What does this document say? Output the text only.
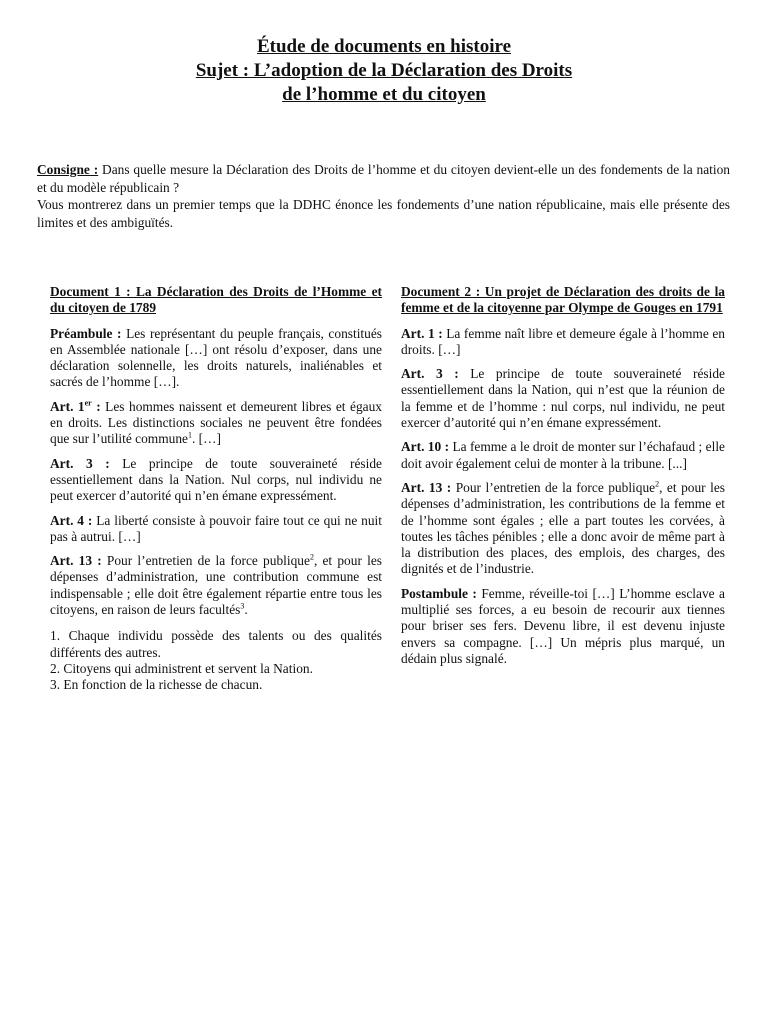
Étude de documents en histoire
Sujet : L’adoption de la Déclaration des Droits
de l’homme et du citoyen

Consigne : Dans quelle mesure la Déclaration des Droits de l’homme et du citoyen devient-elle un des fondements de la nation et du modèle républicain ?

Vous montrerez dans un premier temps que la DDHC énonce les fondements d’une nation républicaine, mais elle présente des limites et des ambiguïtés.

Document 1 : La Déclaration des Droits de l’Homme et du citoyen de 1789

Préambule : Les représentant du peuple français, constitués en Assemblée nationale […] ont résolu d’exposer, dans une déclaration solennelle, les droits naturels, inaliénables et sacrés de l’homme […].

Art. 1er : Les hommes naissent et demeurent libres et égaux en droits. Les distinctions sociales ne peuvent être fondées que sur l’utilité commune$^1$. […]

Art. 3 : Le principe de toute souveraineté réside essentiellement dans la Nation. Nul corps, nul individu ne peut exercer d’autorité qui n’en émane expressément.

Art. 4 : La liberté consiste à pouvoir faire tout ce qui ne nuit pas à autrui. […]

Art. 13 : Pour l’entretien de la force publique$^2$, et pour les dépenses d’administration, une contribution commune est indispensable ; elle doit être également répartie entre tous les citoyens, en raison de leurs facultés$^3$.

1. Chaque individu possède des talents ou des qualités différents des autres.
2. Citoyens qui administrent et servent la Nation.
3. En fonction de la richesse de chacun.

Document 2 : Un projet de Déclaration des droits de la femme et de la citoyenne par Olympe de Gouges en 1791

Art. 1 : La femme naît libre et demeure égale à l’homme en droits. […]

Art. 3 : Le principe de toute souveraineté réside essentiellement dans la Nation, qui n’est que la réunion de la femme et de l’homme : nul corps, nul individu, ne peut exercer d’autorité qui n’en émane expressément.

Art. 10 : La femme a le droit de monter sur l’échafaud ; elle doit avoir également celui de monter à la tribune. [...]

Art. 13 : Pour l’entretien de la force publique$^2$, et pour les dépenses d’administration, les contributions de la femme et de l’homme sont égales ; elle a part toutes les corvées, à toutes les tâches pénibles ; elle a donc avoir de même part à la distribution des places, des emplois, des charges, des dignités et de l’industrie.

Postambule : Femme, réveille-toi […] L’homme esclave a multiplié ses forces, a eu besoin de recourir aux tiennes pour briser ses fers. Devenu libre, il est devenu injuste envers sa compagne. […] Un mépris plus marqué, un dédain plus signalé.
